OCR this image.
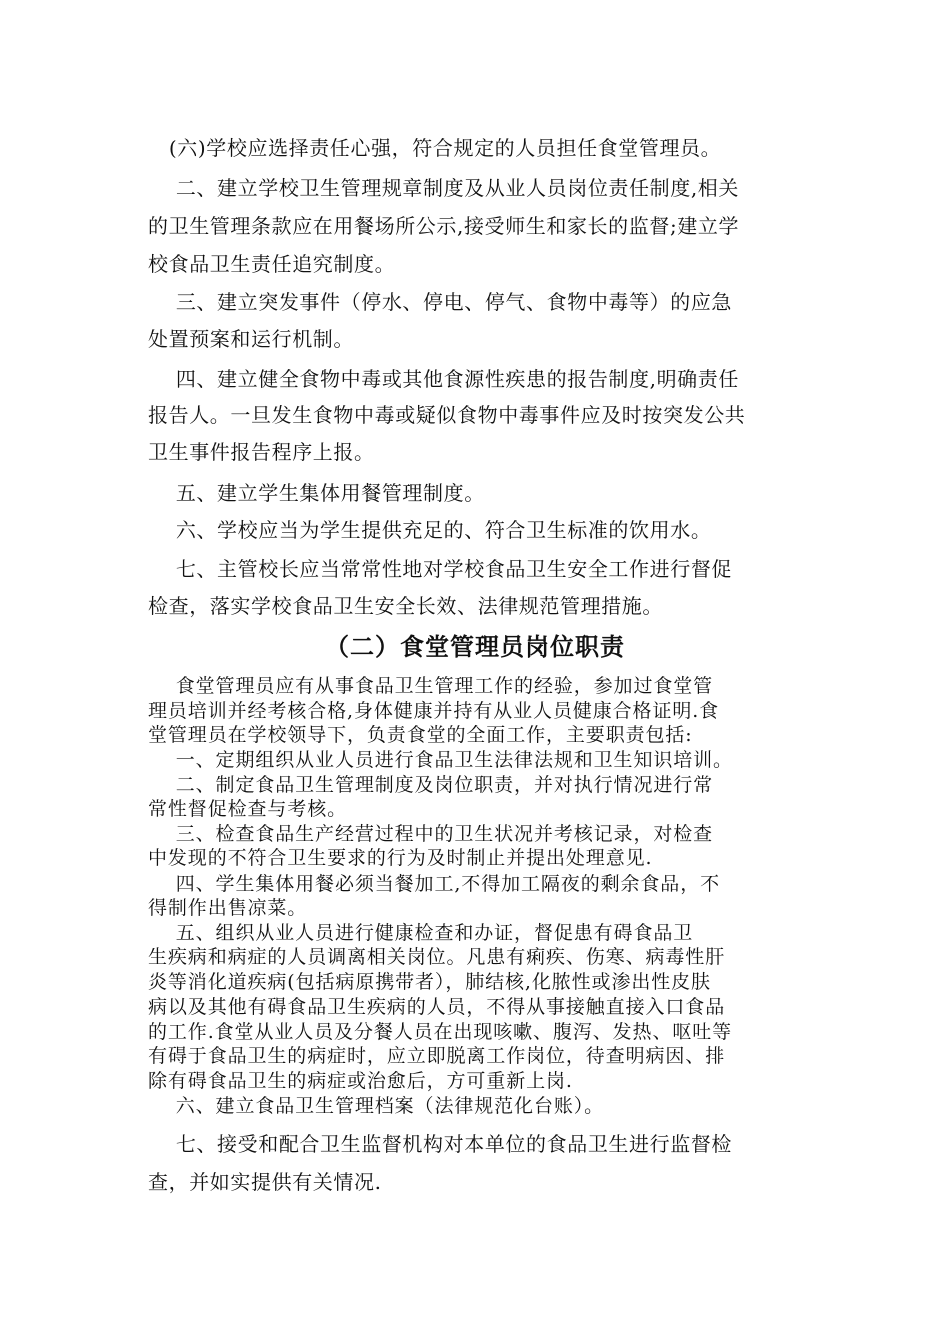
(六)学校应选择责任心强，符合规定的人员担任食堂管理员。
二、建立学校卫生管理规章制度及从业人员岗位责任制度,相关
的卫生管理条款应在用餐场所公示,接受师生和家长的监督;建立学
校食品卫生责任追究制度。
三、建立突发事件（停水、停电、停气、食物中毒等）的应急
处置预案和运行机制。
四、建立健全食物中毒或其他食源性疾患的报告制度,明确责任
报告人。一旦发生食物中毒或疑似食物中毒事件应及时按突发公共
卫生事件报告程序上报。
五、建立学生集体用餐管理制度。
六、学校应当为学生提供充足的、符合卫生标准的饮用水。
七、主管校长应当常常性地对学校食品卫生安全工作进行督促
检查，落实学校食品卫生安全长效、法律规范管理措施。
（二）食堂管理员岗位职责
食堂管理员应有从事食品卫生管理工作的经验，参加过食堂管
理员培训并经考核合格,身体健康并持有从业人员健康合格证明.食
堂管理员在学校领导下，负责食堂的全面工作，主要职责包括:
一、定期组织从业人员进行食品卫生法律法规和卫生知识培训。
二、制定食品卫生管理制度及岗位职责，并对执行情况进行常
常性督促检查与考核。
三、检查食品生产经营过程中的卫生状况并考核记录，对检查
中发现的不符合卫生要求的行为及时制止并提出处理意见.
四、学生集体用餐必须当餐加工,不得加工隔夜的剩余食品，不
得制作出售凉菜。
五、组织从业人员进行健康检查和办证，督促患有碍食品卫
生疾病和病症的人员调离相关岗位。凡患有痢疾、伤寒、病毒性肝
炎等消化道疾病(包括病原携带者），肺结核,化脓性或渗出性皮肤
病以及其他有碍食品卫生疾病的人员，不得从事接触直接入口食品
的工作.食堂从业人员及分餐人员在出现咳嗽、腹泻、发热、呕吐等
有碍于食品卫生的病症时，应立即脱离工作岗位，待查明病因、排
除有碍食品卫生的病症或治愈后，方可重新上岗.
六、建立食品卫生管理档案（法律规范化台账）。
七、接受和配合卫生监督机构对本单位的食品卫生进行监督检
查，并如实提供有关情况.
